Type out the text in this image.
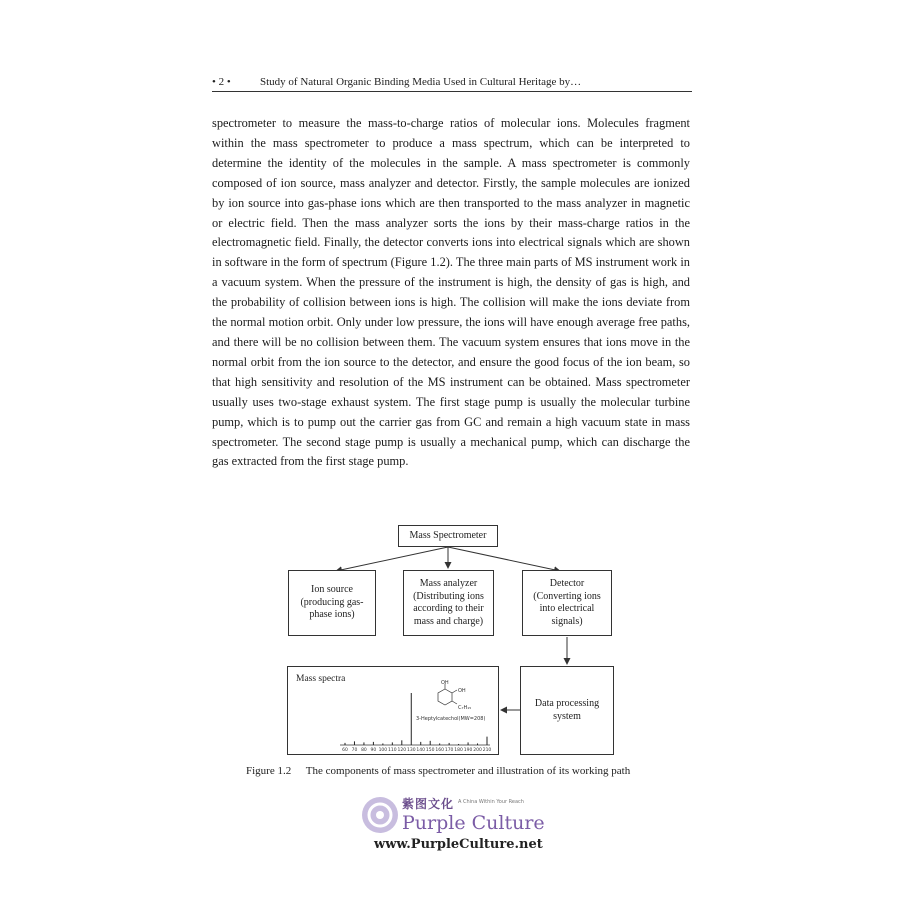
• 2 •	Study of Natural Organic Binding Media Used in Cultural Heritage by…

spectrometer to measure the mass-to-charge ratios of molecular ions. Molecules fragment within the mass spectrometer to produce a mass spectrum, which can be interpreted to determine the identity of the molecules in the sample. A mass spectrometer is commonly composed of ion source, mass analyzer and detector. Firstly, the sample molecules are ionized by ion source into gas-phase ions which are then transported to the mass analyzer in magnetic or electric field. Then the mass analyzer sorts the ions by their mass-charge ratios in the electromagnetic field. Finally, the detector converts ions into electrical signals which are shown in software in the form of spectrum (Figure 1.2). The three main parts of MS instrument work in a vacuum system. When the pressure of the instrument is high, the density of gas is high, and the probability of collision between ions is high. The collision will make the ions deviate from the normal motion orbit. Only under low pressure, the ions will have enough average free paths, and there will be no collision between them. The vacuum system ensures that ions move in the normal orbit from the ion source to the detector, and ensure the good focus of the ion beam, so that high sensitivity and resolution of the MS instrument can be obtained. Mass spectrometer usually uses two-stage exhaust system. The first stage pump is usually the molecular turbine pump, which is to pump out the carrier gas from GC and remain a high vacuum state in mass spectrometer. The second stage pump is usually a mechanical pump, which can discharge the gas extracted from the first stage pump.

Mass Spectrometer
Ion source
(producing gas-
phase ions)
Mass analyzer
(Distributing ions
according to their
mass and charge)
Detector
(Converting ions
into electrical
signals)
Data processing
system
Mass spectra
60 70 80 90 100 110 120 130 140 150 160 170 180 190 200 210
OH
OH
C₇H₁₅
3-Heptylcatechol(MW=208)
Figure 1.2 The components of mass spectrometer and illustration of its working path
紫图文化 A China Within Your Reach
Purple Culture
www.PurpleCulture.net
